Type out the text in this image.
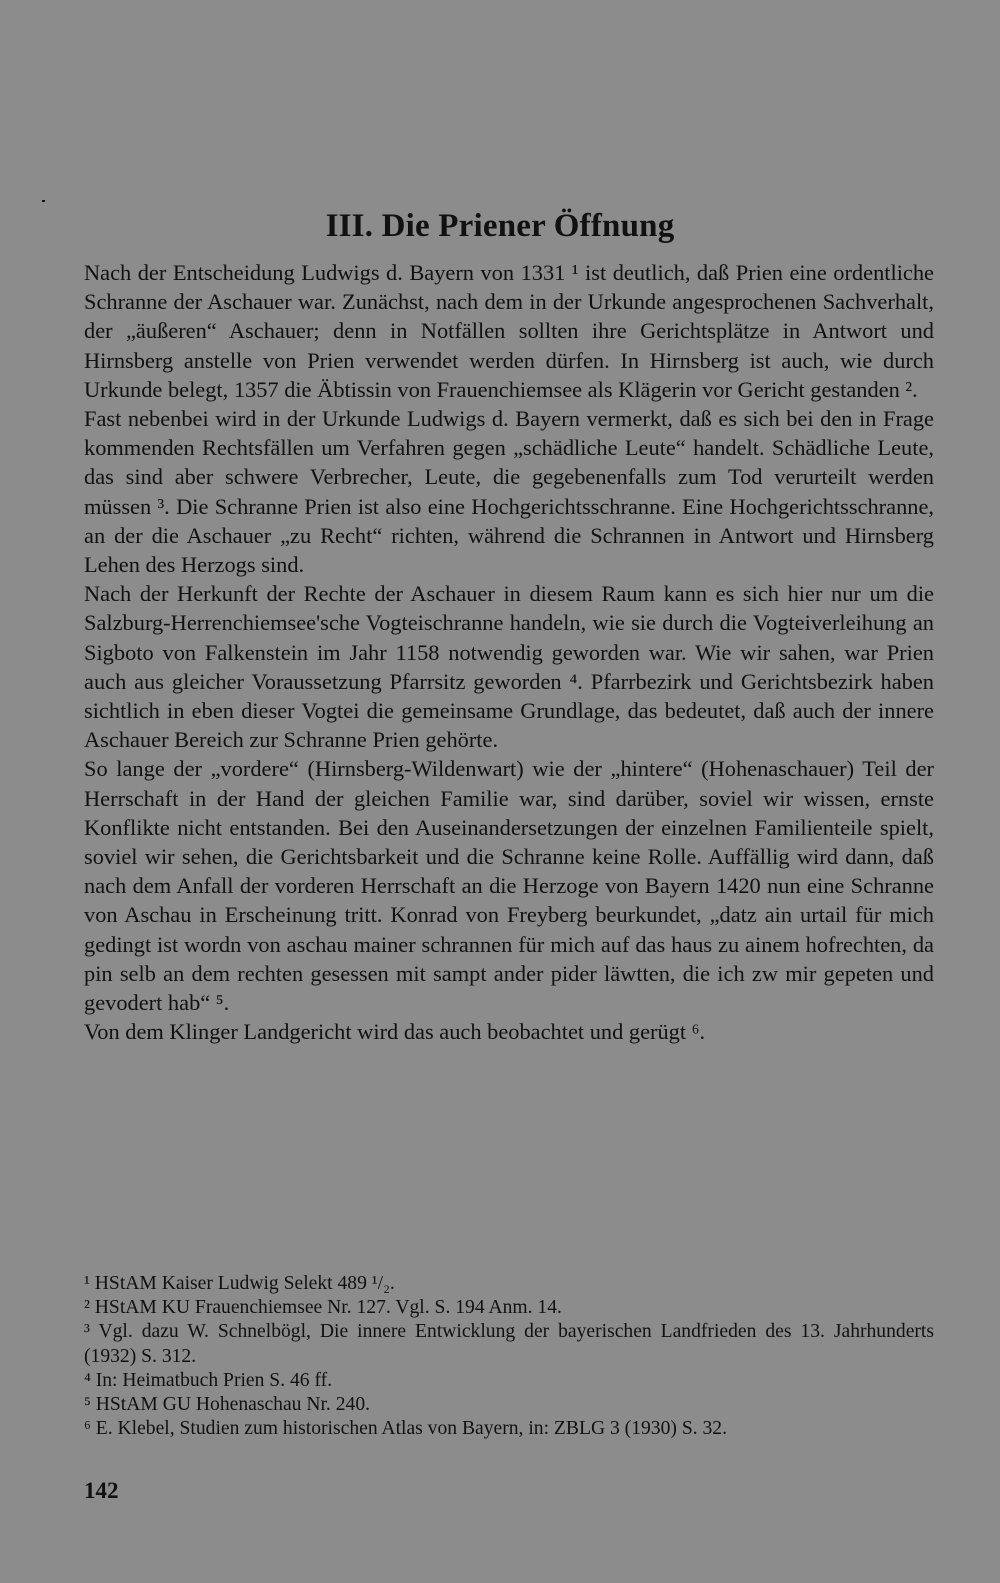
III. Die Priener Öffnung

Nach der Entscheidung Ludwigs d. Bayern von 1331 ¹ ist deutlich, daß Prien eine ordentliche Schranne der Aschauer war. Zunächst, nach dem in der Urkunde angesprochenen Sachverhalt, der „äußeren“ Aschauer; denn in Notfällen sollten ihre Gerichtsplätze in Antwort und Hirnsberg anstelle von Prien verwendet werden dürfen. In Hirnsberg ist auch, wie durch Urkunde belegt, 1357 die Äbtissin von Frauenchiemsee als Klägerin vor Gericht gestanden ².

Fast nebenbei wird in der Urkunde Ludwigs d. Bayern vermerkt, daß es sich bei den in Frage kommenden Rechtsfällen um Verfahren gegen „schädliche Leute“ handelt. Schädliche Leute, das sind aber schwere Verbrecher, Leute, die gegebenenfalls zum Tod verurteilt werden müssen ³. Die Schranne Prien ist also eine Hochgerichtsschranne. Eine Hochgerichtsschranne, an der die Aschauer „zu Recht“ richten, während die Schrannen in Antwort und Hirnsberg Lehen des Herzogs sind.

Nach der Herkunft der Rechte der Aschauer in diesem Raum kann es sich hier nur um die Salzburg-Herrenchiemsee'sche Vogteischranne handeln, wie sie durch die Vogteiverleihung an Sigboto von Falkenstein im Jahr 1158 notwendig geworden war. Wie wir sahen, war Prien auch aus gleicher Voraussetzung Pfarrsitz geworden ⁴. Pfarrbezirk und Gerichtsbezirk haben sichtlich in eben dieser Vogtei die gemeinsame Grundlage, das bedeutet, daß auch der innere Aschauer Bereich zur Schranne Prien gehörte.

So lange der „vordere“ (Hirnsberg-Wildenwart) wie der „hintere“ (Hohenaschauer) Teil der Herrschaft in der Hand der gleichen Familie war, sind darüber, soviel wir wissen, ernste Konflikte nicht entstanden. Bei den Auseinandersetzungen der einzelnen Familienteile spielt, soviel wir sehen, die Gerichtsbarkeit und die Schranne keine Rolle. Auffällig wird dann, daß nach dem Anfall der vorderen Herrschaft an die Herzoge von Bayern 1420 nun eine Schranne von Aschau in Erscheinung tritt. Konrad von Freyberg beurkundet, „datz ain urtail für mich gedingt ist wordn von aschau mainer schrannen für mich auf das haus zu ainem hofrechten, da pin selb an dem rechten gesessen mit sampt ander pider läwtten, die ich zw mir gepeten und gevodert hab“ ⁵.

Von dem Klinger Landgericht wird das auch beobachtet und gerügt ⁶.

¹ HStAM Kaiser Ludwig Selekt 489 ¹/₂.

² HStAM KU Frauenchiemsee Nr. 127. Vgl. S. 194 Anm. 14.

³ Vgl. dazu W. Schnelbögl, Die innere Entwicklung der bayerischen Landfrieden des 13. Jahrhunderts (1932) S. 312.

⁴ In: Heimatbuch Prien S. 46 ff.

⁵ HStAM GU Hohenaschau Nr. 240.

⁶ E. Klebel, Studien zum historischen Atlas von Bayern, in: ZBLG 3 (1930) S. 32.

142
